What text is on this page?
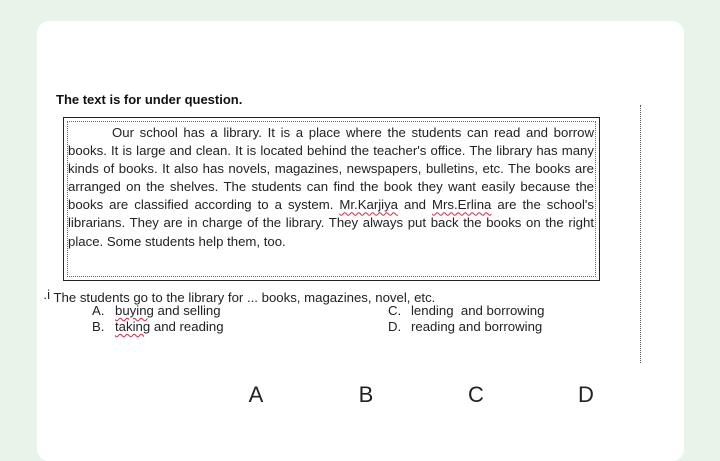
The text is for under question.

Our school has a library. It is a place where the students can read and borrow books. It is large and clean. It is located behind the teacher's office. The library has many kinds of books. It also has novels, magazines, newspapers, bulletins, etc. The books are arranged on the shelves. The students can find the book they want easily because the books are classified according to a system. Mr.Karjiya and Mrs.Erlina are the school's librarians. They are in charge of the library. They always put back the books on the right place. Some students help them, too.

i. The students go to the library for ... books, magazines, novel, etc.
A. buying and selling
B. taking and reading
C. lending  and borrowing
D. reading and borrowing
A	B	C	D
